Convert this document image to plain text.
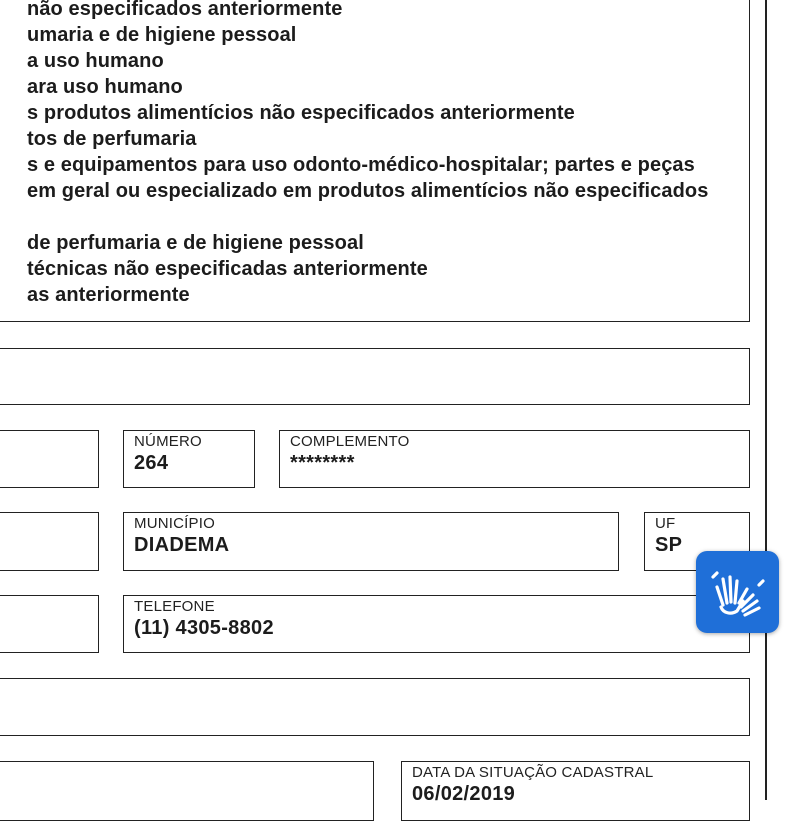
não especificados anteriormente
umaria e de higiene pessoal
a uso humano
ara uso humano
s produtos alimentícios não especificados anteriormente
tos de perfumaria
s e equipamentos para uso odonto-médico-hospitalar; partes e peças
em geral ou especializado em produtos alimentícios não especificados
de perfumaria e de higiene pessoal
técnicas não especificadas anteriormente
as anteriormente
NÚMERO
264
COMPLEMENTO
********
MUNICÍPIO
DIADEMA
UF
SP
TELEFONE
(11) 4305-8802
DATA DA SITUAÇÃO CADASTRAL
06/02/2019
